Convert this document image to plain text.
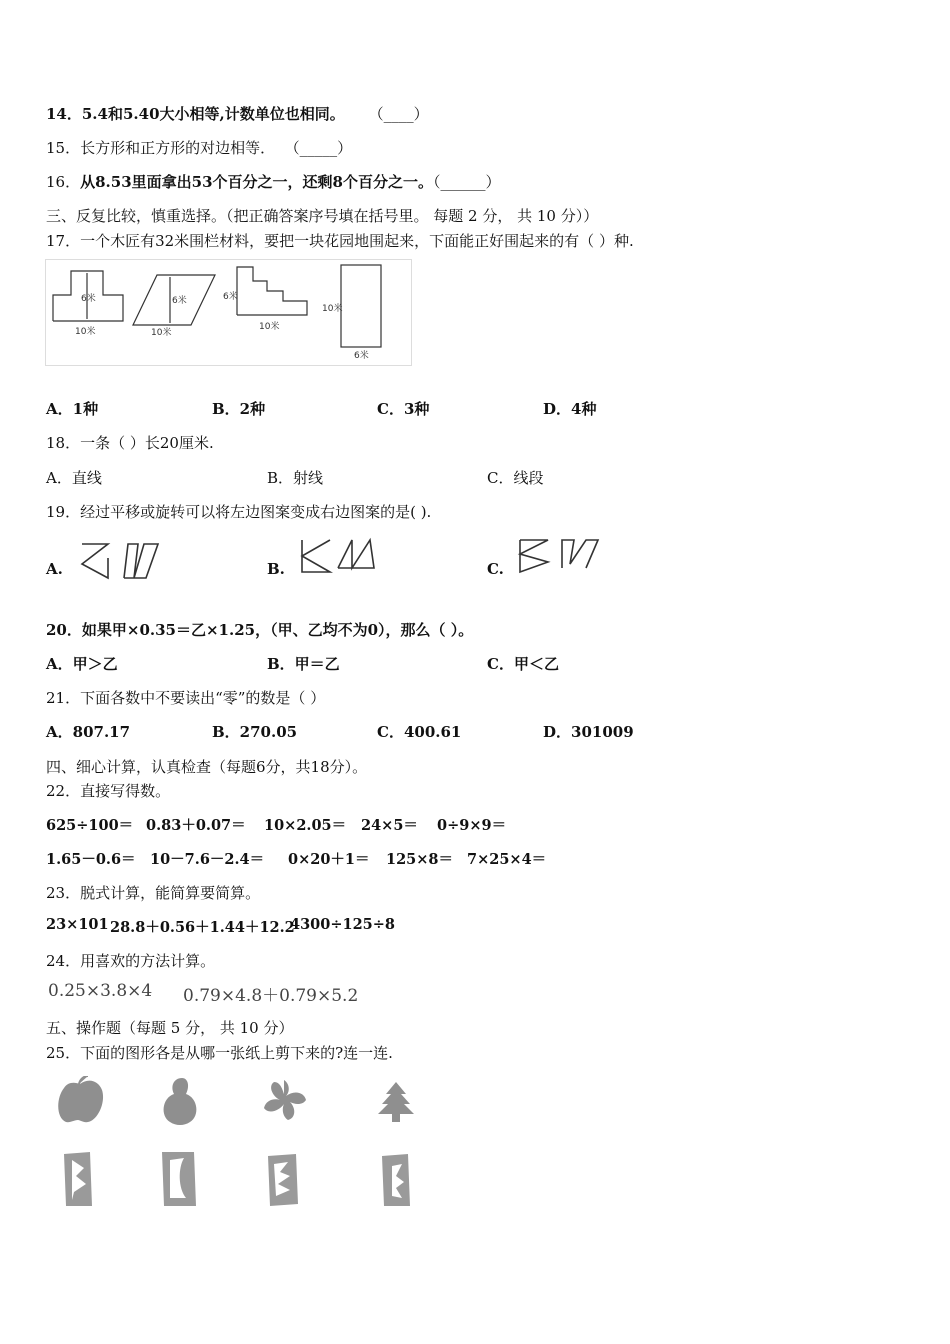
14．5.4和5.40大小相等,计数单位也相同。 （____）
15．长方形和正方形的对边相等． （_____）
16．从8.53里面拿出53个百分之一，还剩8个百分之一。（______）
三、反复比较，慎重选择。（把正确答案序号填在括号里。 每题 2 分， 共 10 分））
17．一个木匠有32米围栏材料，要把一块花园地围起来，下面能正好围起来的有（ ）种.
6米
10米
6米
10米
6米
10米
10米
6米
A．1种	B．2种	C．3种	D．4种
18．一条（ ）长20厘米.
A．直线	B．射线	C．线段
19．经过平移或旋转可以将左边图案变成右边图案的是( ).
A.	B.	C.
20．如果甲×0.35＝乙×1.25，（甲、乙均不为0），那么（ ）。
A．甲＞乙	B．甲＝乙	C．甲＜乙
21．下面各数中不要读出“零”的数是（ ）
A．807.17	B．270.05	C．400.61	D．301009
四、细心计算，认真检查（每题6分，共18分）。
22．直接写得数。
625÷100＝ 0.83＋0.07＝ 10×2.05＝ 24×5＝ 0÷9×9＝
1.65－0.6＝ 10－7.6－2.4＝ 0×20＋1＝ 125×8＝ 7×25×4＝
23．脱式计算，能简算要简算。
23×101 28.8＋0.56＋1.44＋12.2
4300÷125÷8
24．用喜欢的方法计算。
0.25×3.8×4 0.79×4.8＋0.79×5.2
五、操作题（每题 5 分， 共 10 分）
25．下面的图形各是从哪一张纸上剪下来的?连一连.
